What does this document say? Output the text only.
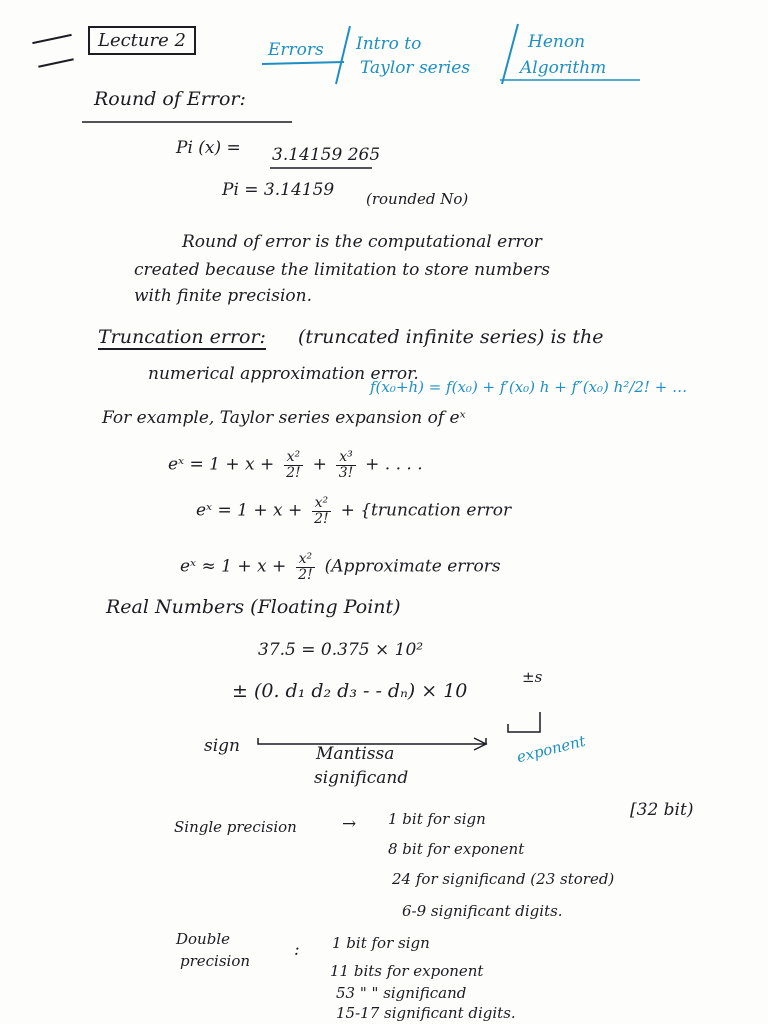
Lecture 2	Errors Intro to
Taylor series
Henon
Algorithm
Round of Error:
Pi (x) = 3.14159 265
Pi = 3.14159 (rounded No)
Round of error is the computational error
created because the limitation to store numbers
with finite precision.
Truncation error: (truncated infinite series) is the
numerical approximation error.
f(x₀+h) = f(x₀) + f′(x₀) h + f″(x₀) h²/2! + …
For example, Taylor series expansion of eˣ
eˣ = $1 + x + \frac{\text{x²}}{2!} + \frac{\text{x³}}{3!}$ + . . . .
eˣ = $1 + x + \frac{\text{x²}}{2!}$ + {truncation error
eˣ ≈ $1 + x + \frac{\text{x²}}{2!}$ (Approximate errors
Real Numbers (Floating Point)
37.5 = 0.375 × 10²
± (0. d₁ d₂ d₃ - - dₙ) × 10
±s
sign	Mantissa
significand
exponent
Single precision	→ 1 bit for sign	[32 bit)
8 bit for exponent
24 for significand (23 stored)
6-9 significant digits.
Double
precision
: 1 bit for sign
11 bits for exponent
53 " " significand
15-17 significant digits.
